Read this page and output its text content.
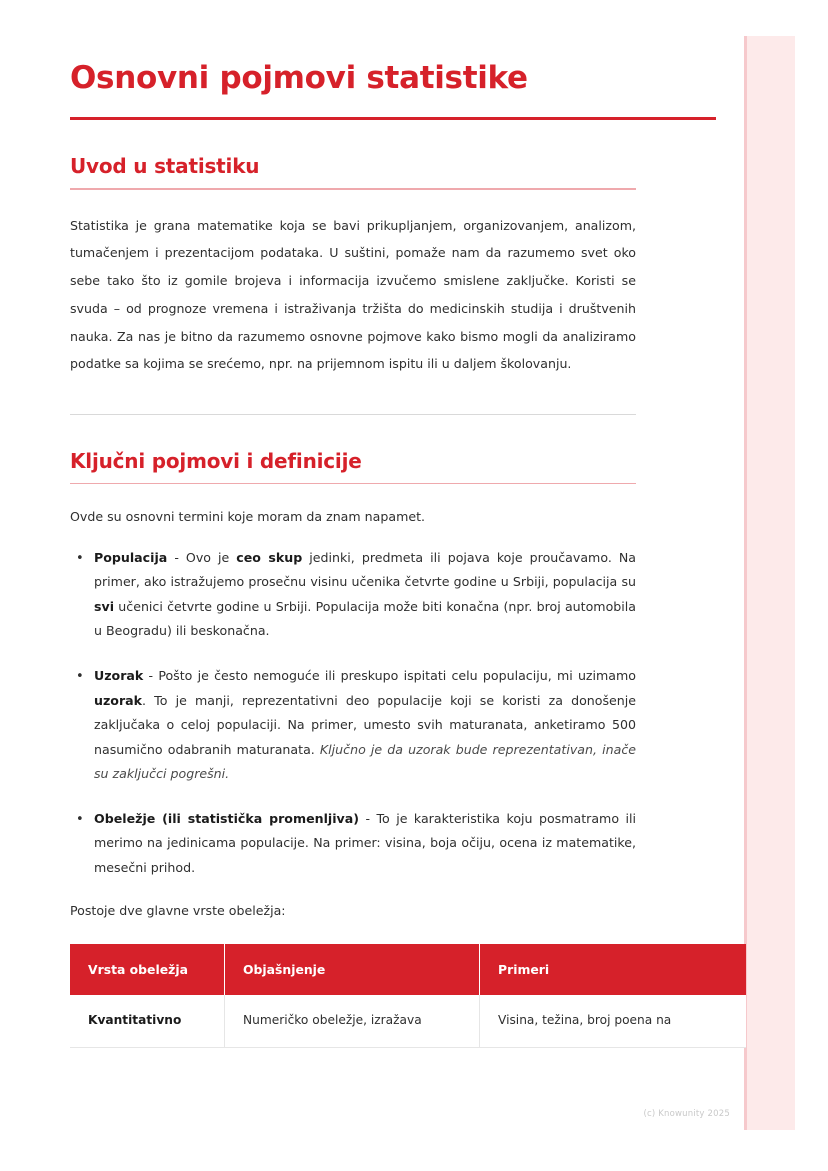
Osnovni pojmovi statistike
Uvod u statistiku

Statistika je grana matematike koja se bavi prikupljanjem, organizovanjem, analizom, tumačenjem i prezentacijom podataka. U suštini, pomaže nam da razumemo svet oko sebe tako što iz gomile brojeva i informacija izvučemo smislene zaključke. Koristi se svuda – od prognoze vremena i istraživanja tržišta do medicinskih studija i društvenih nauka. Za nas je bitno da razumemo osnovne pojmove kako bismo mogli da analiziramo podatke sa kojima se srećemo, npr. na prijemnom ispitu ili u daljem školovanju.

Ključni pojmovi i definicije

Ovde su osnovni termini koje moram da znam napamet.

• Populacija - Ovo je ceo skup jedinki, predmeta ili pojava koje proučavamo. Na primer, ako istražujemo prosečnu visinu učenika četvrte godine u Srbiji, populacija su svi učenici četvrte godine u Srbiji. Populacija može biti konačna (npr. broj automobila u Beogradu) ili beskonačna.
• Uzorak - Pošto je često nemoguće ili preskupo ispitati celu populaciju, mi uzimamo uzorak. To je manji, reprezentativni deo populacije koji se koristi za donošenje zaključaka o celoj populaciji. Na primer, umesto svih maturanata, anketiramo 500 nasumično odabranih maturanata. Ključno je da uzorak bude reprezentativan, inače su zaključci pogrešni.
• Obeležje (ili statistička promenljiva) - To je karakteristika koju posmatramo ili merimo na jedinicama populacije. Na primer: visina, boja očiju, ocena iz matematike, mesečni prihod.

Postoje dve glavne vrste obeležja:

Vrsta obeležja	Objašnjenje	Primeri
Kvantitativno	Numeričko obeležje, izražava	Visina, težina, broj poena na
(c) Knowunity 2025
